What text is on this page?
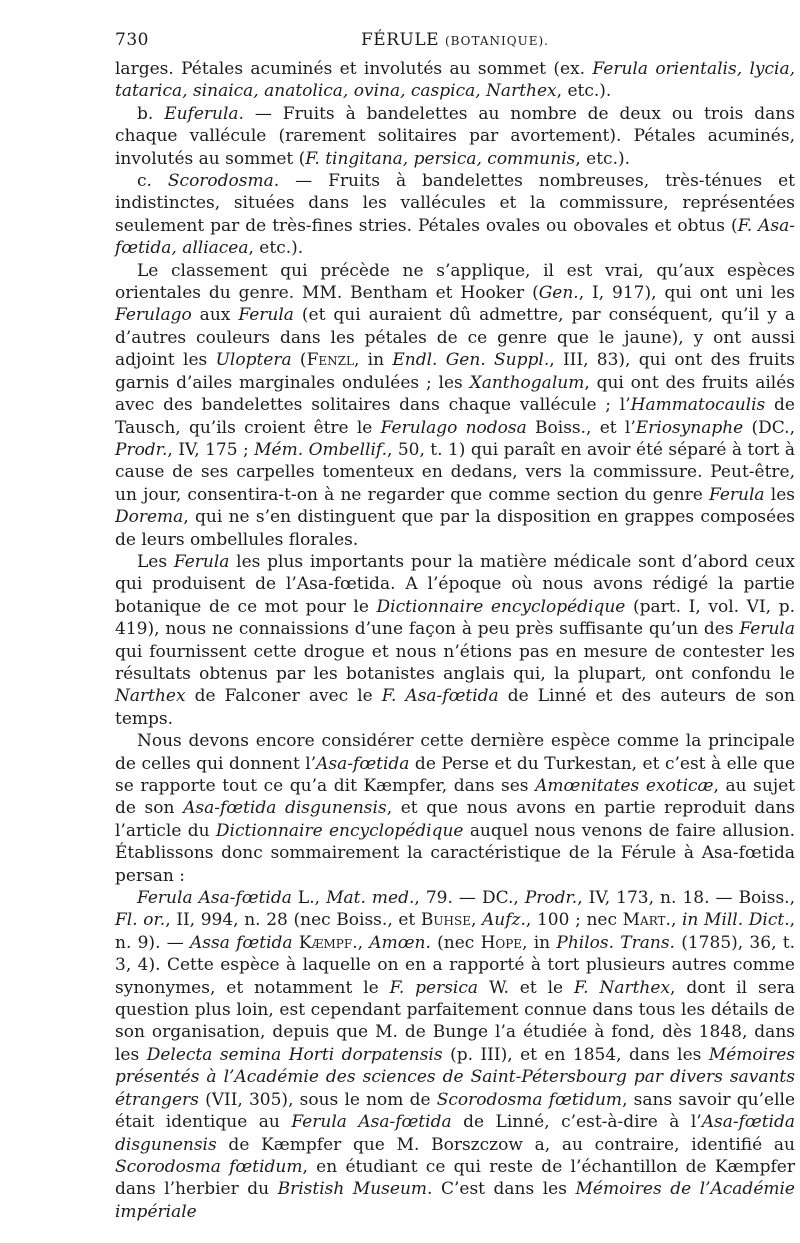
730	FÉRULE (BOTANIQUE).

larges. Pétales acuminés et involutés au sommet (ex. Ferula orientalis, lycia, tatarica, sinaica, anatolica, ovina, caspica, Narthex, etc.).

b. Euferula. — Fruits à bandelettes au nombre de deux ou trois dans chaque vallécule (rarement solitaires par avortement). Pétales acuminés, involutés au sommet (F. tingitana, persica, communis, etc.).

c. Scorodosma. — Fruits à bandelettes nombreuses, très-ténues et indistinctes, situées dans les vallécules et la commissure, représentées seulement par de très-fines stries. Pétales ovales ou obovales et obtus (F. Asa-fœtida, alliacea, etc.).

Le classement qui précède ne s’applique, il est vrai, qu’aux espèces orientales du genre. MM. Bentham et Hooker (Gen., I, 917), qui ont uni les Ferulago aux Ferula (et qui auraient dû admettre, par conséquent, qu’il y a d’autres couleurs dans les pétales de ce genre que le jaune), y ont aussi adjoint les Uloptera (Fenzl, in Endl. Gen. Suppl., III, 83), qui ont des fruits garnis d’ailes marginales ondulées ; les Xanthogalum, qui ont des fruits ailés avec des bandelettes solitaires dans chaque vallécule ; l’Hammatocaulis de Tausch, qu’ils croient être le Ferulago nodosa Boiss., et l’Eriosynaphe (DC., Prodr., IV, 175 ; Mém. Ombellif., 50, t. 1) qui paraît en avoir été séparé à tort à cause de ses carpelles tomenteux en dedans, vers la commissure. Peut-être, un jour, consentira-t-on à ne regarder que comme section du genre Ferula les Dorema, qui ne s’en distinguent que par la disposition en grappes composées de leurs ombellules florales.

Les Ferula les plus importants pour la matière médicale sont d’abord ceux qui produisent de l’Asa-fœtida. A l’époque où nous avons rédigé la partie botanique de ce mot pour le Dictionnaire encyclopédique (part. I, vol. VI, p. 419), nous ne connaissions d’une façon à peu près suffisante qu’un des Ferula qui fournissent cette drogue et nous n’étions pas en mesure de contester les résultats obtenus par les botanistes anglais qui, la plupart, ont confondu le Narthex de Falconer avec le F. Asa-fœtida de Linné et des auteurs de son temps.

Nous devons encore considérer cette dernière espèce comme la principale de celles qui donnent l’Asa-fœtida de Perse et du Turkestan, et c’est à elle que se rapporte tout ce qu’a dit Kæmpfer, dans ses Amœnitates exoticæ, au sujet de son Asa-fœtida disgunensis, et que nous avons en partie reproduit dans l’article du Dictionnaire encyclopédique auquel nous venons de faire allusion. Établissons donc sommairement la caractéristique de la Férule à Asa-fœtida persan :

Ferula Asa-fœtida L., Mat. med., 79. — DC., Prodr., IV, 173, n. 18. — Boiss., Fl. or., II, 994, n. 28 (nec Boiss., et Buhse, Aufz., 100 ; nec Mart., in Mill. Dict., n. 9). — Assa fœtida Kæmpf., Amœn. (nec Hope, in Philos. Trans. (1785), 36, t. 3, 4). Cette espèce à laquelle on en a rapporté à tort plusieurs autres comme synonymes, et notamment le F. persica W. et le F. Narthex, dont il sera question plus loin, est cependant parfaitement connue dans tous les détails de son organisation, depuis que M. de Bunge l’a étudiée à fond, dès 1848, dans les Delecta semina Horti dorpatensis (p. III), et en 1854, dans les Mémoires présentés à l’Académie des sciences de Saint-Pétersbourg par divers savants étrangers (VII, 305), sous le nom de Scorodosma fœtidum, sans savoir qu’elle était identique au Ferula Asa-fœtida de Linné, c’est-à-dire à l’Asa-fœtida disgunensis de Kæmpfer que M. Borszczow a, au contraire, identifié au Scorodosma fœtidum, en étudiant ce qui reste de l’échantillon de Kæmpfer dans l’herbier du Bristish Museum. C’est dans les Mémoires de l’Académie impériale
